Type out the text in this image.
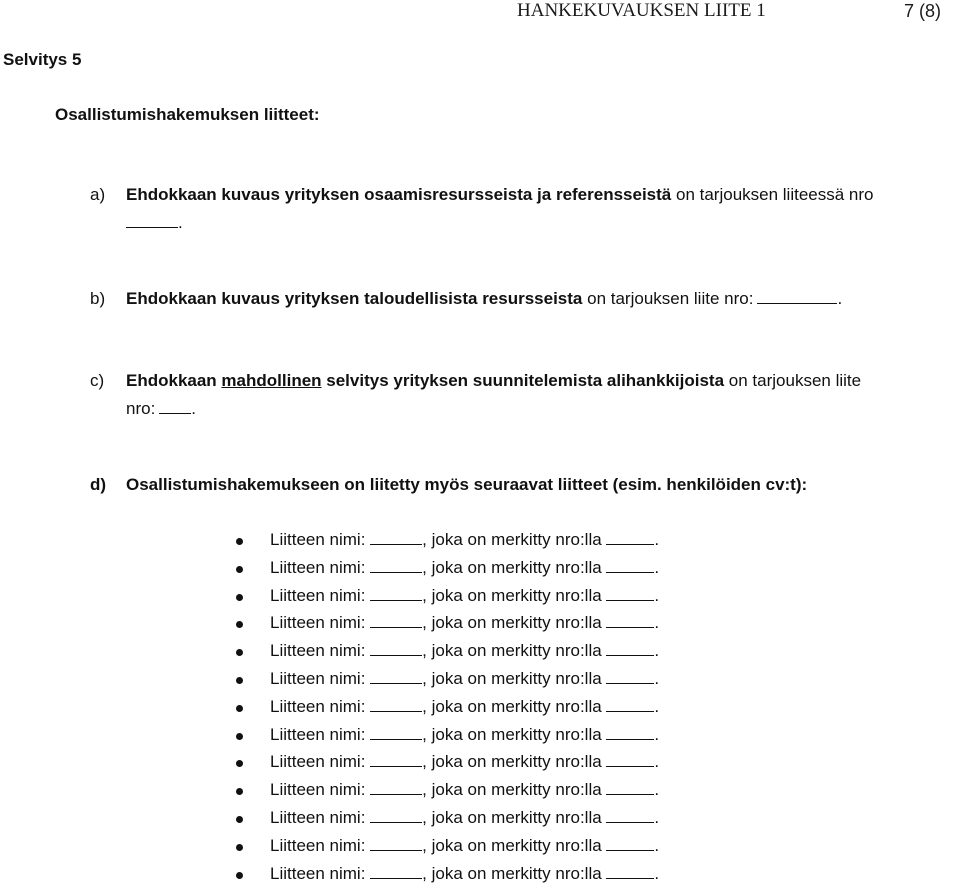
HANKEKUVAUKSEN LIITE 1	7 (8)
Selvitys 5
Osallistumishakemuksen liitteet:
a) Ehdokkaan kuvaus yrityksen osaamisresursseista ja referensseistä on tarjouksen liiteessä nro
.
b) Ehdokkaan kuvaus yrityksen taloudellisista resursseista on tarjouksen liite nro:	.
c) Ehdokkaan mahdollinen selvitys yrityksen suunnitelemista alihankkijoista on tarjouksen liite
nro: .
d) Osallistumishakemukseen on liitetty myös seuraavat liitteet (esim. henkilöiden cv:t):
Liitteen nimi:	, joka on merkitty nro:lla	.
Liitteen nimi:	, joka on merkitty nro:lla	.
Liitteen nimi:	, joka on merkitty nro:lla	.
Liitteen nimi:	, joka on merkitty nro:lla	.
Liitteen nimi:	, joka on merkitty nro:lla	.
Liitteen nimi:	, joka on merkitty nro:lla	.
Liitteen nimi:	, joka on merkitty nro:lla	.
Liitteen nimi:	, joka on merkitty nro:lla	.
Liitteen nimi:	, joka on merkitty nro:lla	.
Liitteen nimi:	, joka on merkitty nro:lla	.
Liitteen nimi:	, joka on merkitty nro:lla	.
Liitteen nimi:	, joka on merkitty nro:lla	.
Liitteen nimi:	, joka on merkitty nro:lla	.
